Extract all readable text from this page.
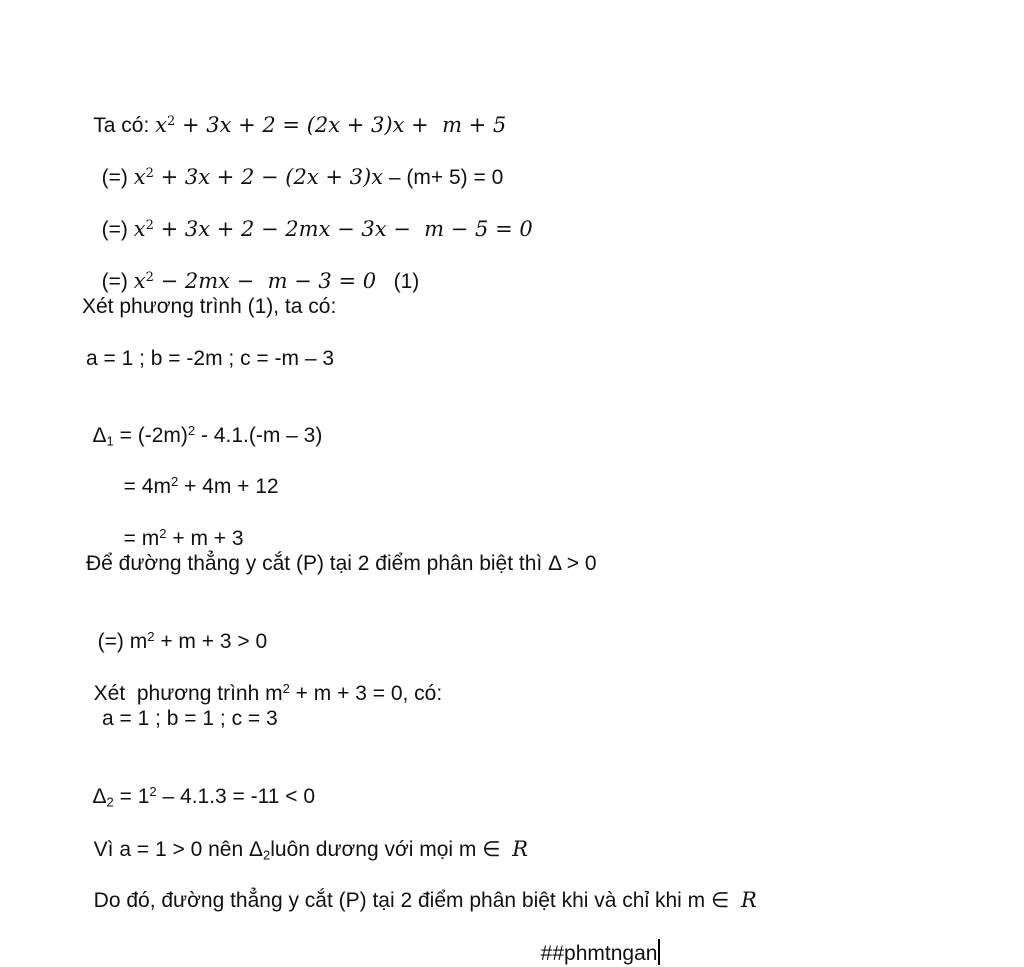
Ta có: $x^2 + 3x + 2 = (2x + 3)x + m + 5$

(=) $x^2 + 3x + 2 - (2x + 3)x - (m+ 5) = 0$

(=) $x^2 + 3x + 2 - 2mx - 3x - m - 5 = 0$

(=) $x^2 - 2mx - m - 3 = 0$   (1)

Xét phương trình (1), ta có:
a = 1 ; b = -2m ; c = -m – 3

$\Delta_1 = (-2m)^2 - 4.1.(-m - 3)$

= $4m^2 + 4m + 12$

= $m^2 + m + 3$

Để đường thẳng y cắt (P) tại 2 điểm phân biệt thì Δ > 0

(=) $m^2 + m + 3 > 0$

Xét  phương trình $m^2 + m + 3 = 0$, có:

a = 1 ; b = 1 ; c = 3

$\Delta_2 = 1^2 - 4.1.3 = -11 < 0$

Vì a = 1 > 0 nên $\Delta_2luôn$ dương với mọi m ∈  R

Do đó, đường thẳng y cắt (P) tại 2 điểm phân biệt khi và chỉ khi m ∈  R

##phmtngan
